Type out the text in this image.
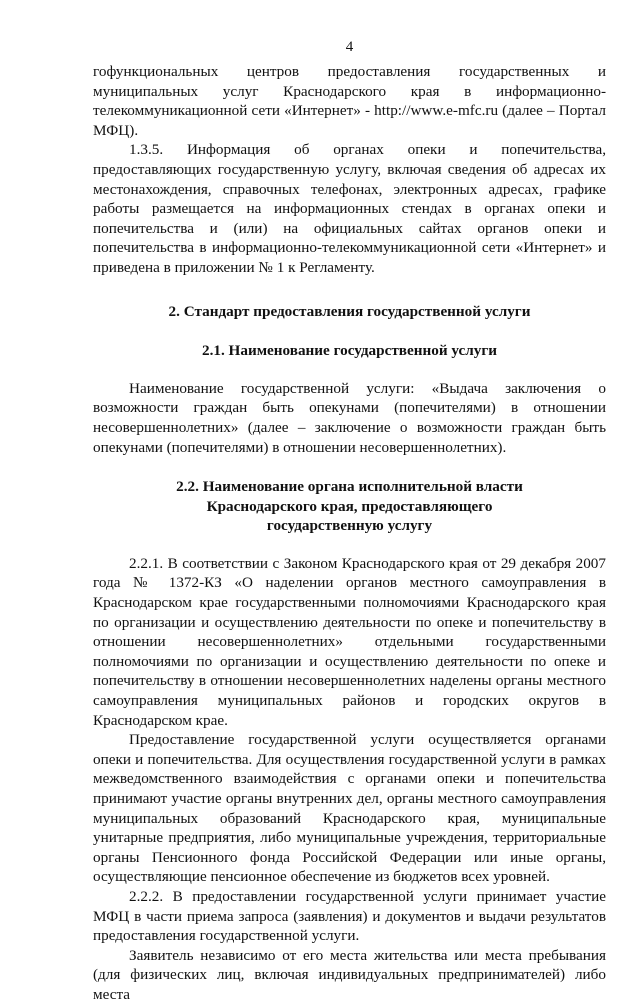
4

гофункциональных центров предоставления государственных и муниципальных услуг Краснодарского края в информационно-телекоммуникационной сети «Интернет» - http://www.e-mfc.ru (далее – Портал МФЦ).

1.3.5. Информация об органах опеки и попечительства, предоставляющих государственную услугу, включая сведения об адресах их местонахождения, справочных телефонах, электронных адресах, графике работы размещается на информационных стендах в органах опеки и попечительства и (или) на официальных сайтах органов опеки и попечительства в информационно-телекоммуникационной сети «Интернет» и приведена в приложении № 1 к Регламенту.

2. Стандарт предоставления государственной услуги
2.1. Наименование государственной услуги

Наименование государственной услуги: «Выдача заключения о возможности граждан быть опекунами (попечителями) в отношении несовершеннолетних» (далее – заключение о возможности граждан быть опекунами (попечителями) в отношении несовершеннолетних).

2.2. Наименование органа исполнительной власти
Краснодарского края, предоставляющего
государственную услугу

2.2.1. В соответствии с Законом Краснодарского края от 29 декабря 2007 года № 1372-КЗ «О наделении органов местного самоуправления в Краснодарском крае государственными полномочиями Краснодарского края по организации и осуществлению деятельности по опеке и попечительству в отношении несовершеннолетних» отдельными государственными полномочиями по организации и осуществлению деятельности по опеке и попечительству в отношении несовершеннолетних наделены органы местного самоуправления муниципальных районов и городских округов в Краснодарском крае.

Предоставление государственной услуги осуществляется органами опеки и попечительства. Для осуществления государственной услуги в рамках межведомственного взаимодействия с органами опеки и попечительства принимают участие органы внутренних дел, органы местного самоуправления муниципальных образований Краснодарского края, муниципальные унитарные предприятия, либо муниципальные учреждения, территориальные органы Пенсионного фонда Российской Федерации или иные органы, осуществляющие пенсионное обеспечение из бюджетов всех уровней.

2.2.2. В предоставлении государственной услуги принимает участие МФЦ в части приема запроса (заявления) и документов и выдачи результатов предоставления государственной услуги.

Заявитель независимо от его места жительства или места пребывания (для физических лиц, включая индивидуальных предпринимателей) либо места
